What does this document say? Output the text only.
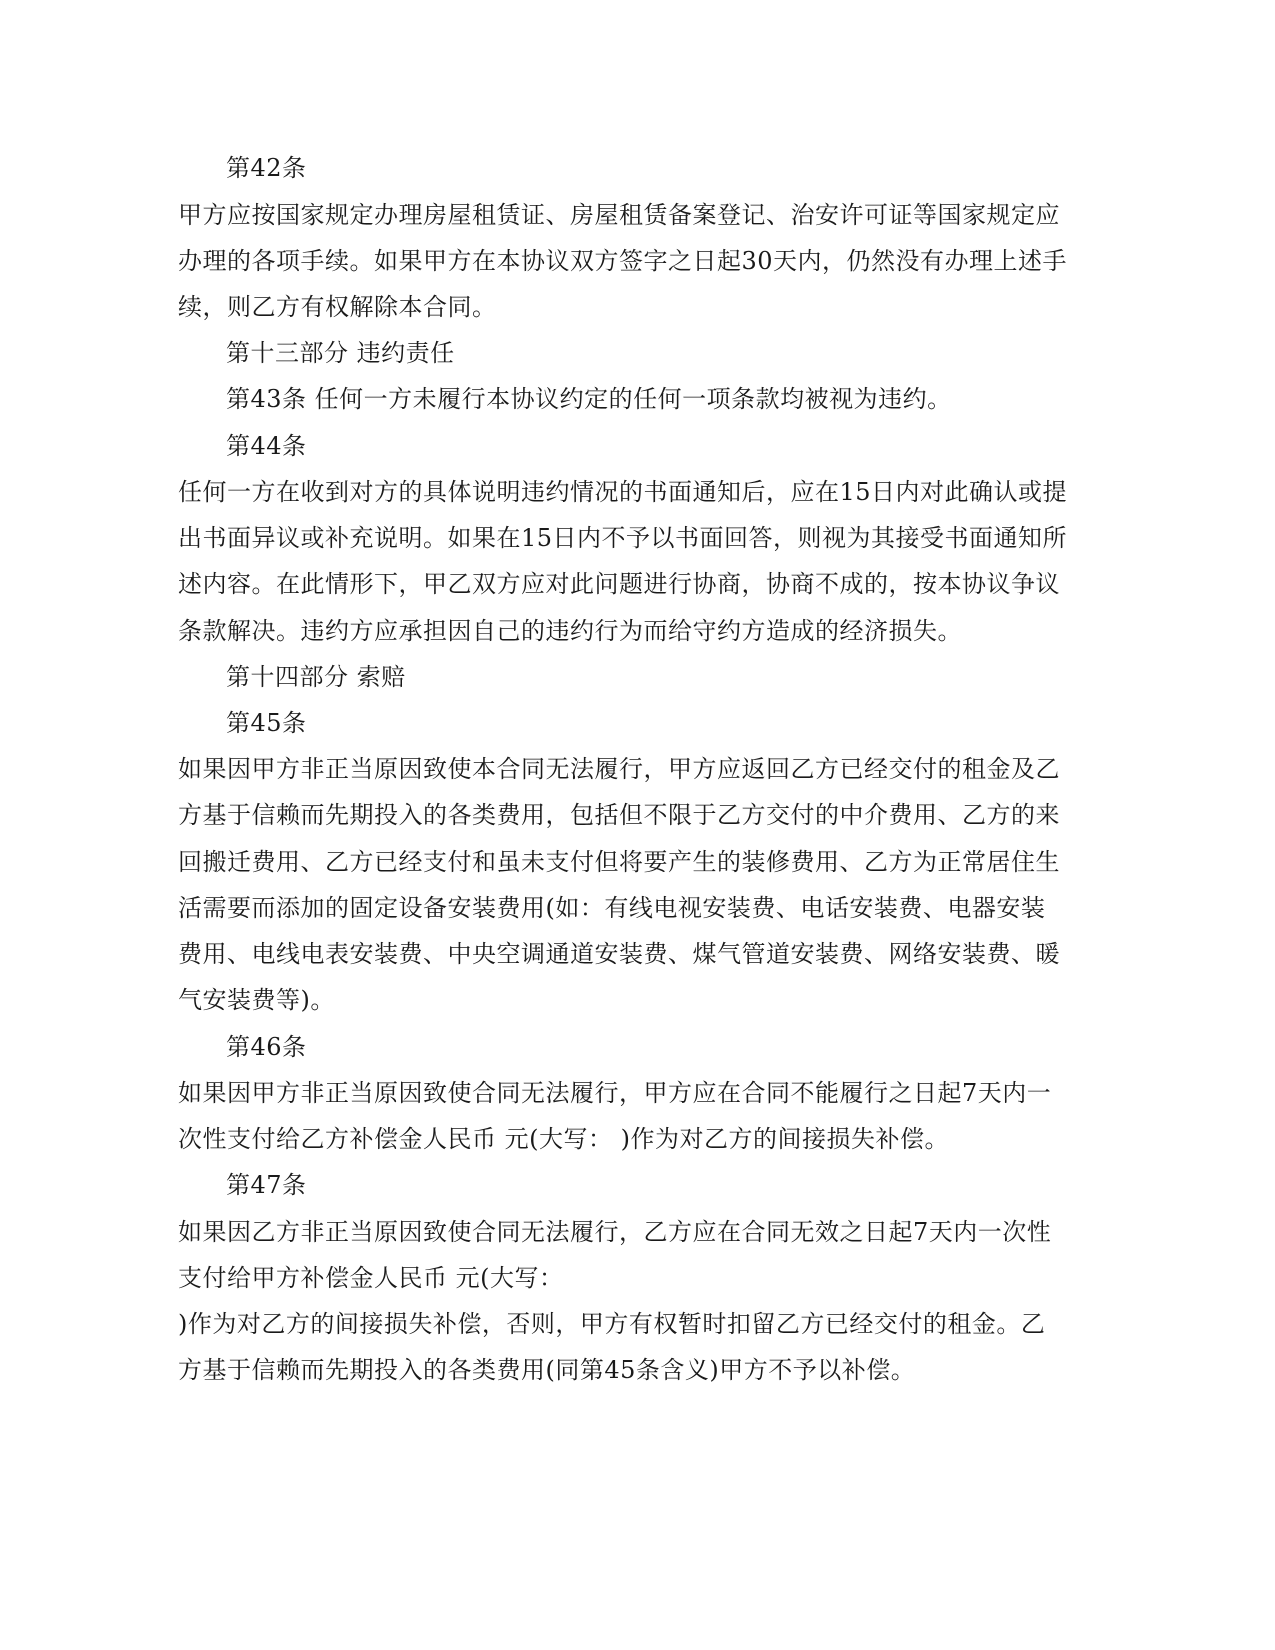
第42条
甲方应按国家规定办理房屋租赁证、房屋租赁备案登记、治安许可证等国家规定应
办理的各项手续。如果甲方在本协议双方签字之日起30天内，仍然没有办理上述手
续，则乙方有权解除本合同。
第十三部分 违约责任
第43条 任何一方未履行本协议约定的任何一项条款均被视为违约。
第44条
任何一方在收到对方的具体说明违约情况的书面通知后，应在15日内对此确认或提
出书面异议或补充说明。如果在15日内不予以书面回答，则视为其接受书面通知所
述内容。在此情形下，甲乙双方应对此问题进行协商，协商不成的，按本协议争议
条款解决。违约方应承担因自己的违约行为而给守约方造成的经济损失。
第十四部分 索赔
第45条
如果因甲方非正当原因致使本合同无法履行，甲方应返回乙方已经交付的租金及乙
方基于信赖而先期投入的各类费用，包括但不限于乙方交付的中介费用、乙方的来
回搬迁费用、乙方已经支付和虽未支付但将要产生的装修费用、乙方为正常居住生
活需要而添加的固定设备安装费用(如：有线电视安装费、电话安装费、电器安装
费用、电线电表安装费、中央空调通道安装费、煤气管道安装费、网络安装费、暖
气安装费等)。
第46条
如果因甲方非正当原因致使合同无法履行，甲方应在合同不能履行之日起7天内一
次性支付给乙方补偿金人民币 元(大写： )作为对乙方的间接损失补偿。
第47条
如果因乙方非正当原因致使合同无法履行，乙方应在合同无效之日起7天内一次性
支付给甲方补偿金人民币 元(大写：
)作为对乙方的间接损失补偿，否则，甲方有权暂时扣留乙方已经交付的租金。乙
方基于信赖而先期投入的各类费用(同第45条含义)甲方不予以补偿。
